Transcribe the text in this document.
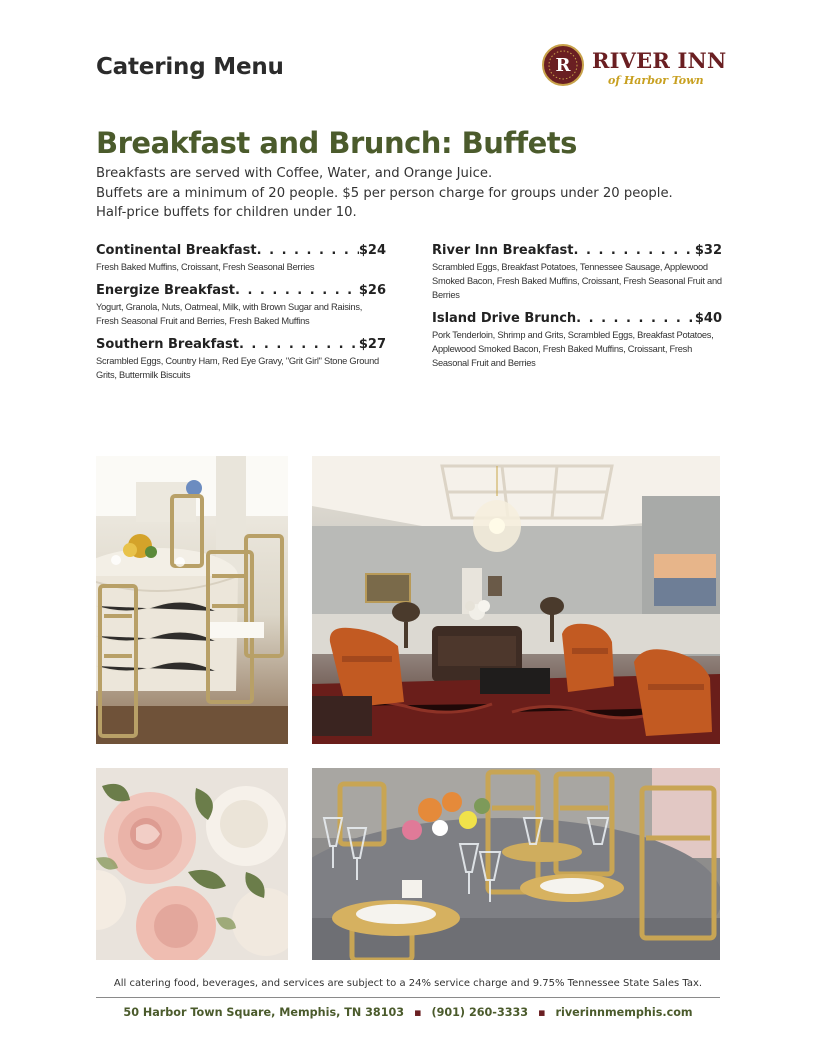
Catering Menu	R RIVER INN
of Harbor Town
Breakfast and Brunch: Buffets
Breakfasts are served with Coffee, Water, and Orange Juice.
Buffets are a minimum of 20 people. $5 per person charge for groups under 20 people.
Half-price buffets for children under 10.
Continental Breakfast . . .	$24
Fresh Baked Muffins, Croissant, Fresh Seasonal Berries
Energize Breakfast . . .	$26
Yogurt, Granola, Nuts, Oatmeal, Milk, with Brown Sugar and Raisins, Fresh Seasonal Fruit and Berries, Fresh Baked Muffins
Southern Breakfast . . .	$27
Scrambled Eggs, Country Ham, Red Eye Gravy, "Grit Girl" Stone Ground Grits, Buttermilk Biscuits
River Inn Breakfast . . .	$32
Scrambled Eggs, Breakfast Potatoes, Tennessee Sausage, Applewood Smoked Bacon, Fresh Baked Muffins, Croissant, Fresh Seasonal Fruit and Berries
Island Drive Brunch . . .	$40
Pork Tenderloin, Shrimp and Grits, Scrambled Eggs, Breakfast Potatoes, Applewood Smoked Bacon, Fresh Baked Muffins, Croissant, Fresh Seasonal Fruit and Berries
All catering food, beverages, and services are subject to a 24% service charge and 9.75% Tennessee State Sales Tax.
50 Harbor Town Square, Memphis, TN 38103 ▪ (901) 260-3333 ▪ riverinnmemphis.com
